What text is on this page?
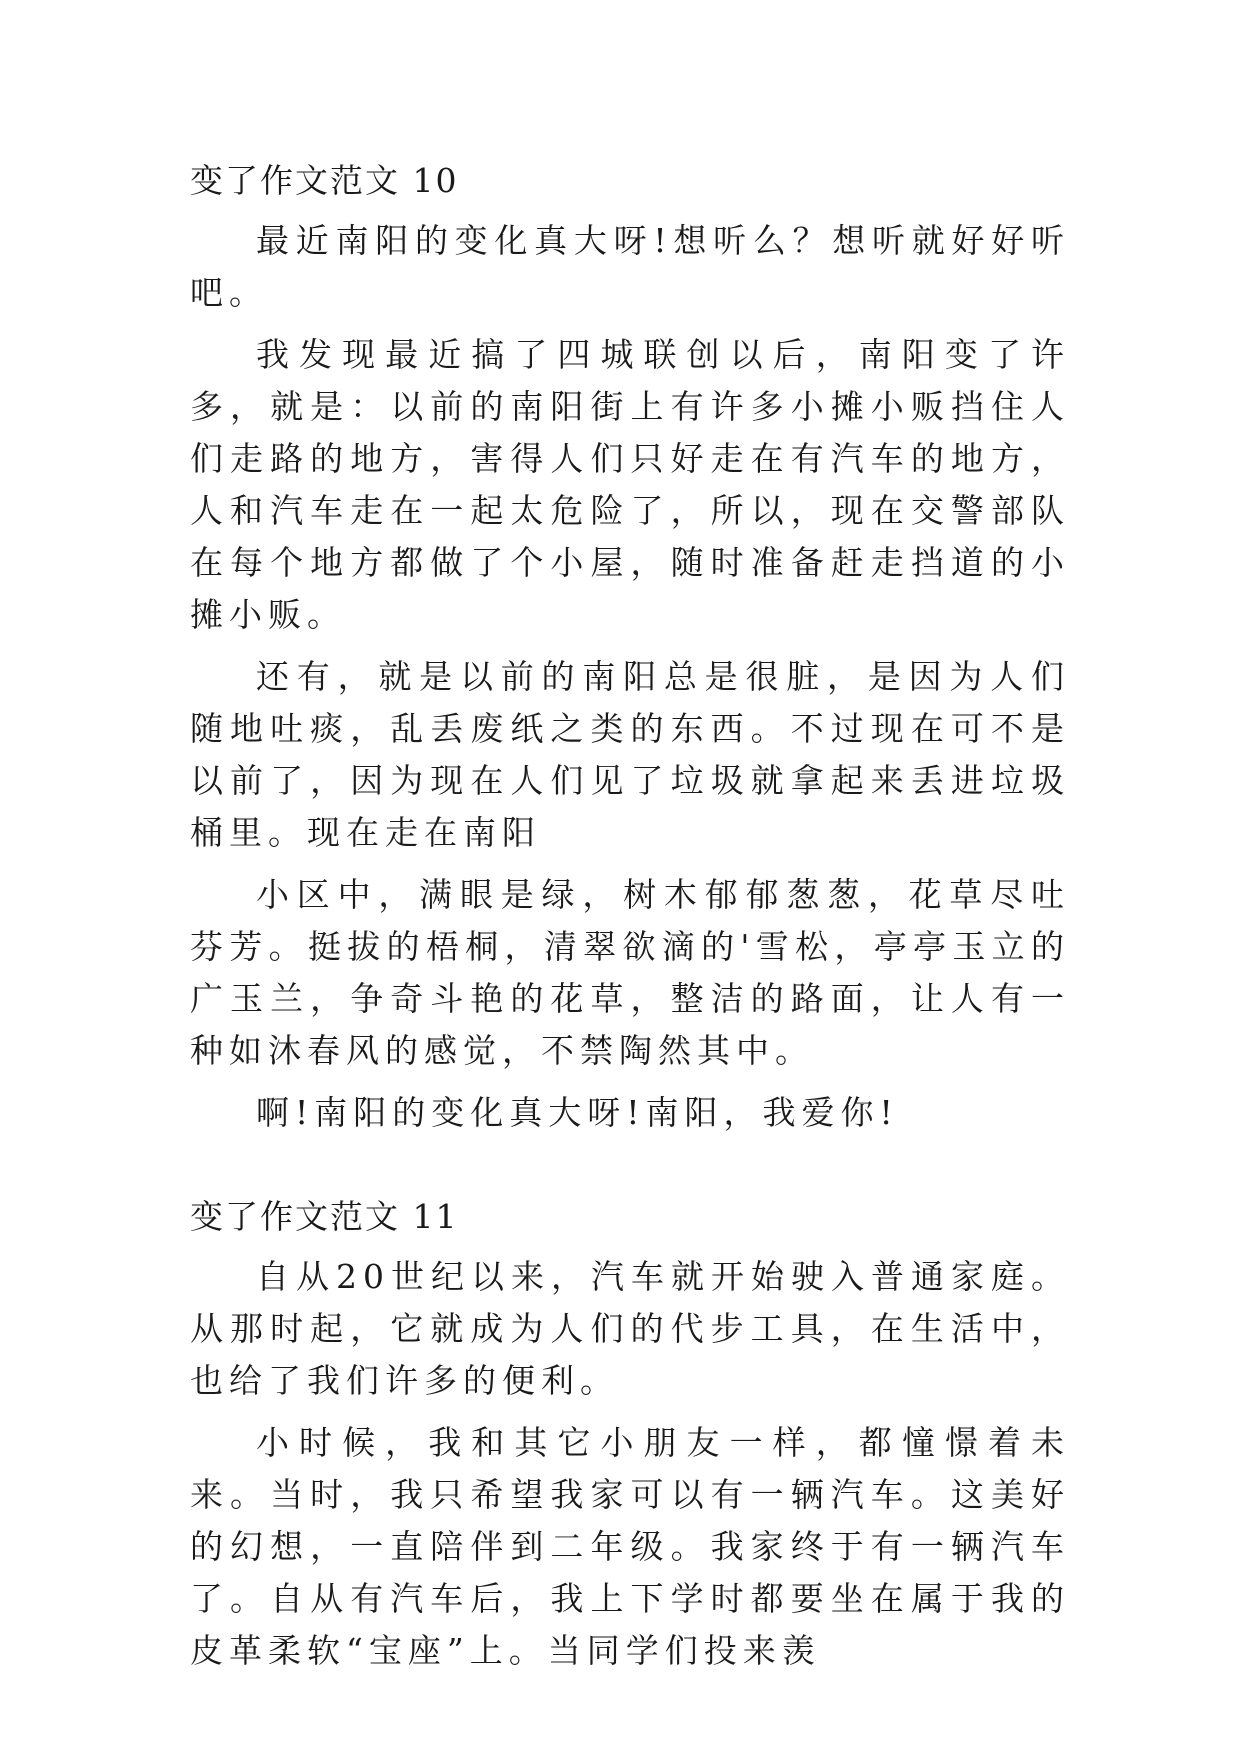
变了作文范文 10

最近南阳的变化真大呀!想听么？想听就好好听吧。

我发现最近搞了四城联创以后，南阳变了许多，就是：以前的南阳街上有许多小摊小贩挡住人们走路的地方，害得人们只好走在有汽车的地方，人和汽车走在一起太危险了，所以，现在交警部队在每个地方都做了个小屋，随时准备赶走挡道的小摊小贩。

还有，就是以前的南阳总是很脏，是因为人们随地吐痰，乱丢废纸之类的东西。不过现在可不是以前了，因为现在人们见了垃圾就拿起来丢进垃圾桶里。现在走在南阳

小区中，满眼是绿，树木郁郁葱葱，花草尽吐芬芳。挺拔的梧桐，清翠欲滴的'雪松，亭亭玉立的广玉兰，争奇斗艳的花草，整洁的路面，让人有一种如沐春风的感觉，不禁陶然其中。

啊!南阳的变化真大呀!南阳，我爱你!

变了作文范文 11

自从20世纪以来，汽车就开始驶入普通家庭。从那时起，它就成为人们的代步工具，在生活中，也给了我们许多的便利。

小时候，我和其它小朋友一样，都憧憬着未来。当时，我只希望我家可以有一辆汽车。这美好的幻想，一直陪伴到二年级。我家终于有一辆汽车了。自从有汽车后，我上下学时都要坐在属于我的皮革柔软“宝座”上。当同学们投来羡
